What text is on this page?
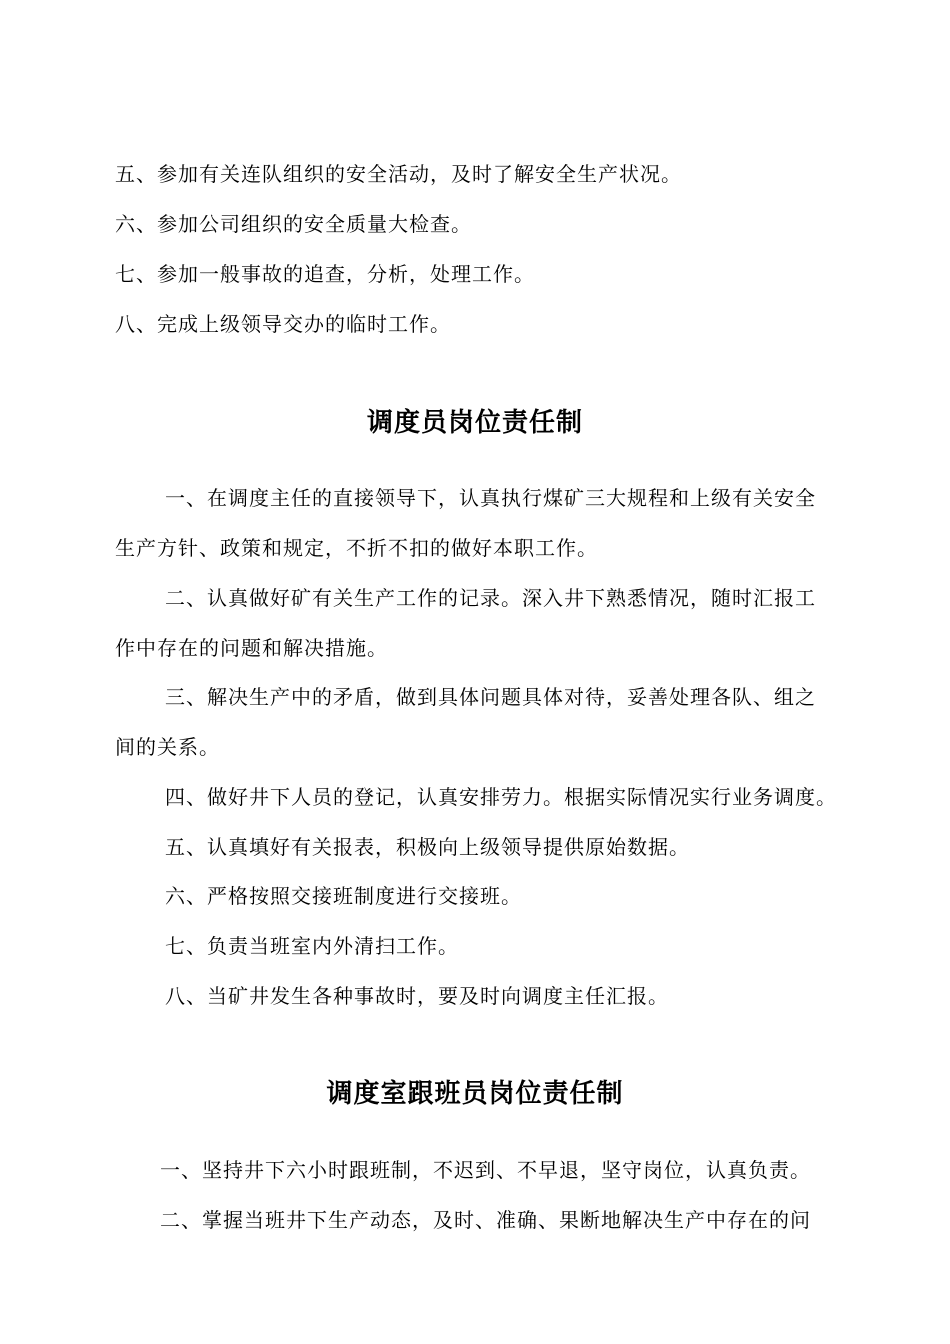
五、参加有关连队组织的安全活动，及时了解安全生产状况。
六、参加公司组织的安全质量大检查。
七、参加一般事故的追查，分析，处理工作。
八、完成上级领导交办的临时工作。
调度员岗位责任制
一、在调度主任的直接领导下，认真执行煤矿三大规程和上级有关安全
生产方针、政策和规定，不折不扣的做好本职工作。
二、认真做好矿有关生产工作的记录。深入井下熟悉情况，随时汇报工
作中存在的问题和解决措施。
三、解决生产中的矛盾，做到具体问题具体对待，妥善处理各队、组之
间的关系。
四、做好井下人员的登记，认真安排劳力。根据实际情况实行业务调度。
五、认真填好有关报表，积极向上级领导提供原始数据。
六、严格按照交接班制度进行交接班。
七、负责当班室内外清扫工作。
八、当矿井发生各种事故时，要及时向调度主任汇报。
调度室跟班员岗位责任制
一、坚持井下六小时跟班制，不迟到、不早退，坚守岗位，认真负责。
二、掌握当班井下生产动态，及时、准确、果断地解决生产中存在的问
